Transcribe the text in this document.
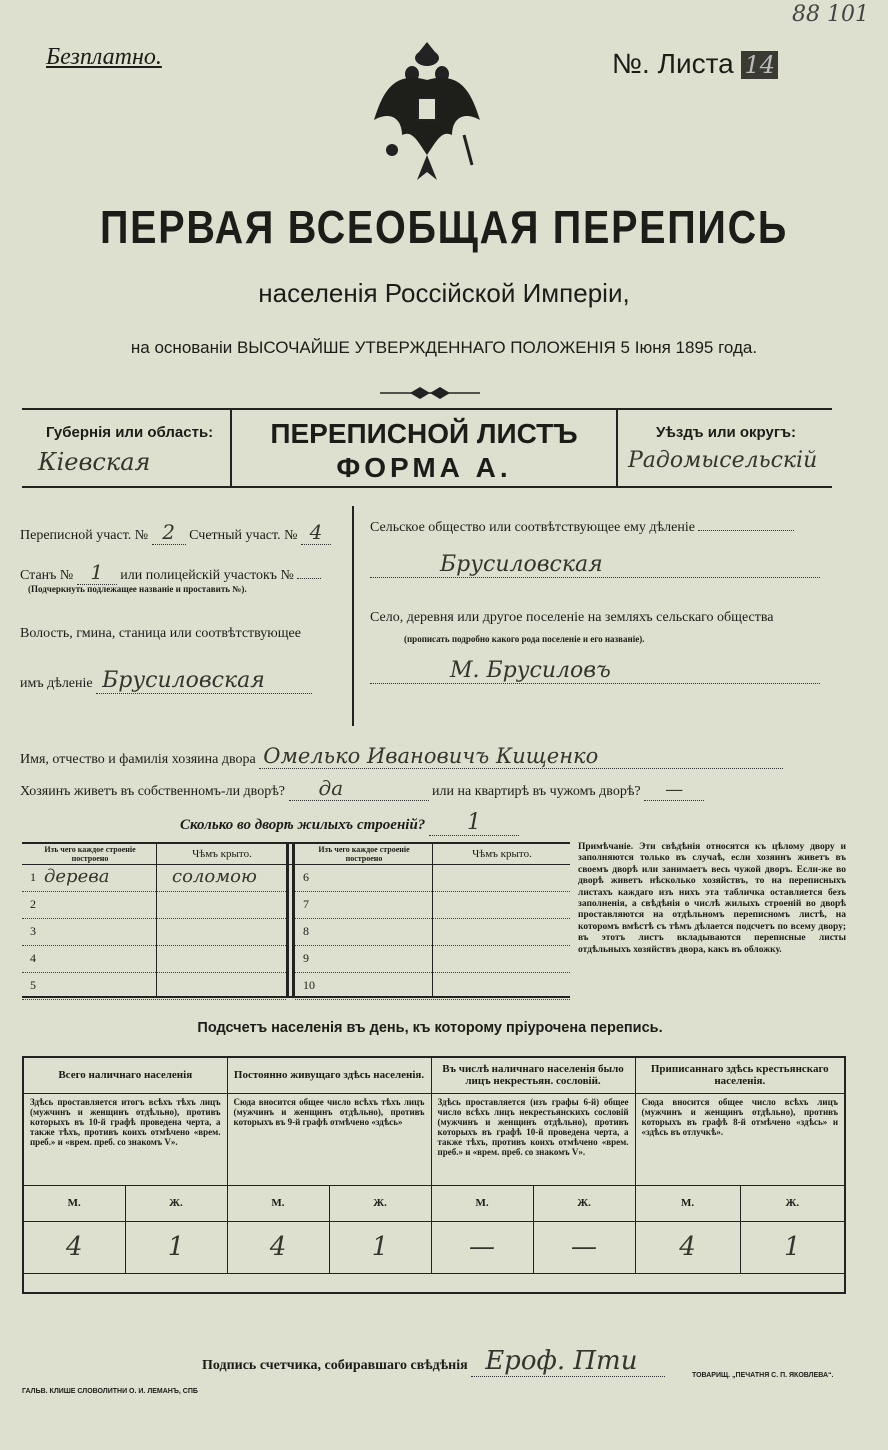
88 101
Безплатно.	№. Листа 14
ПЕРВАЯ ВСЕОБЩАЯ ПЕРЕПИСЬ
населенія Россійской Имперіи,
на основаніи ВЫСОЧАЙШЕ УТВЕРЖДЕННАГО ПОЛОЖЕНІЯ 5 Іюня 1895 года.
Губернія или область:
Кіевская
ПЕРЕПИСНОЙ ЛИСТЪ
ФОРМА А.
Уѣздъ или округъ:
Радомысельскій
Переписной участ. № 2 Счетный участ. № 4
Станъ № 1 или полицейскій участокъ №
(Подчеркнуть подлежащее названіе и проставить №).
Волость, гмина, станица или соотвѣтствующее
имъ дѣленіе Брусиловская
Сельское общество или соотвѣтствующее ему дѣленіе
Брусиловская
Село, деревня или другое поселеніе на земляхъ сельскаго общества
(прописать подробно какого рода поселеніе и его названіе).
М. Брусиловъ
Имя, отчество и фамилія хозяина двора Омелько Ивановичъ Кищенко
Хозяинъ живетъ въ собственномъ-ли дворѣ? да	или на квартирѣ въ чужомъ дворѣ? —
Сколько во дворѣ жилыхъ строеній? 1
Изъ чего каждое строеніе построено	Чѣмъ крыто.	Изъ чего каждое строеніе построено	Чѣмъ крыто.
1 дерева	соломою
2
3
4
5
6
7
8
9
10
Примѣчаніе. Эти свѣдѣнія относятся къ цѣлому двору и заполняются только въ случаѣ, если хозяинъ живетъ въ своемъ дворѣ или занимаетъ весь чужой дворъ. Если-же во дворѣ живетъ нѣсколько хозяйствъ, то на переписныхъ листахъ каждаго изъ нихъ эта табличка оставляется безъ заполненія, а свѣдѣнія о числѣ жилыхъ строеній во дворѣ проставляются на отдѣльномъ переписномъ листѣ, на которомъ вмѣстѣ съ тѣмъ дѣлается подсчетъ по всему двору; въ этотъ листъ вкладываются переписные листы отдѣльныхъ хозяйствъ двора, какъ въ обложку.
Подсчетъ населенія въ день, къ которому пріурочена перепись.
Всего наличнаго населенія		Постоянно живущаго здѣсь населенія.		Въ числѣ наличнаго населенія было лицъ некрестьян. сословій.		Приписаннаго здѣсь крестьянскаго населенія.	
Здѣсь проставляется итогъ всѣхъ тѣхъ лицъ (мужчинъ и женщинъ отдѣльно), противъ которыхъ въ 10-й графѣ проведена черта, а также тѣхъ, противъ коихъ отмѣчено «врем. преб.» и «врем. преб. со знакомъ V».		Сюда вносится общее число всѣхъ тѣхъ лицъ (мужчинъ и женщинъ отдѣльно), противъ которыхъ въ 9-й графѣ отмѣчено «здѣсь»		Здѣсь проставляется (изъ графы 6-й) общее число всѣхъ лицъ некрестьянскихъ сословій (мужчинъ и женщинъ отдѣльно), противъ которыхъ въ графѣ 10-й проведена черта, а также тѣхъ, противъ коихъ отмѣчено «врем. преб.» и «врем. преб. со знакомъ V».		Сюда вносится общее число всѣхъ лицъ (мужчинъ и женщинъ отдѣльно), противъ которыхъ въ графѣ 8-й отмѣчено «здѣсь» и «здѣсь въ отлучкѣ».	
М.	Ж.	М.	Ж.	М.	Ж.	М.	Ж.
4	1	4	1	—	—	4	1

Подпись счетчика, собиравшаго свѣдѣнія Ероф. Пти
ГАЛЬВ. КЛИШЕ СЛОВОЛИТНИ О. И. ЛЕМАНЪ, СПБ
ТОВАРИЩ. „ПЕЧАТНЯ С. П. ЯКОВЛЕВА“.
